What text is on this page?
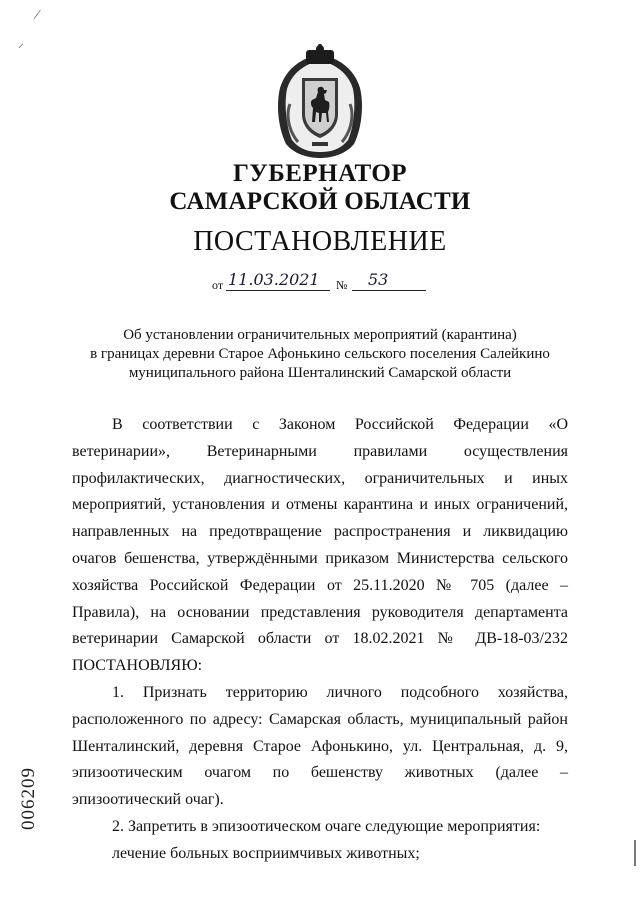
⁄
⸝
ГУБЕРНАТОР
САМАРСКОЙ ОБЛАСТИ
ПОСТАНОВЛЕНИЕ
от 11.03.2021 № 53
Об установлении ограничительных мероприятий (карантина)
в границах деревни Старое Афонькино сельского поселения Салейкино
муниципального района Шенталинский Самарской области

В соответствии с Законом Российской Федерации «О ветеринарии», Ветеринарными правилами осуществления профилактических, диагностических, ограничительных и иных мероприятий, установления и отмены карантина и иных ограничений, направленных на предотвращение распространения и ликвидацию очагов бешенства, утверждёнными приказом Министерства сельского хозяйства Российской Федерации от 25.11.2020 № 705 (далее – Правила), на основании представления руководителя департамента ветеринарии Самарской области от 18.02.2021 № ДВ-18-03/232 ПОСТАНОВЛЯЮ:

1. Признать территорию личного подсобного хозяйства, расположенного по адресу: Самарская область, муниципальный район Шенталинский, деревня Старое Афонькино, ул. Центральная, д. 9, эпизоотическим очагом по бешенству животных (далее – эпизоотический очаг).

2. Запретить в эпизоотическом очаге следующие мероприятия:

лечение больных восприимчивых животных;

006209
